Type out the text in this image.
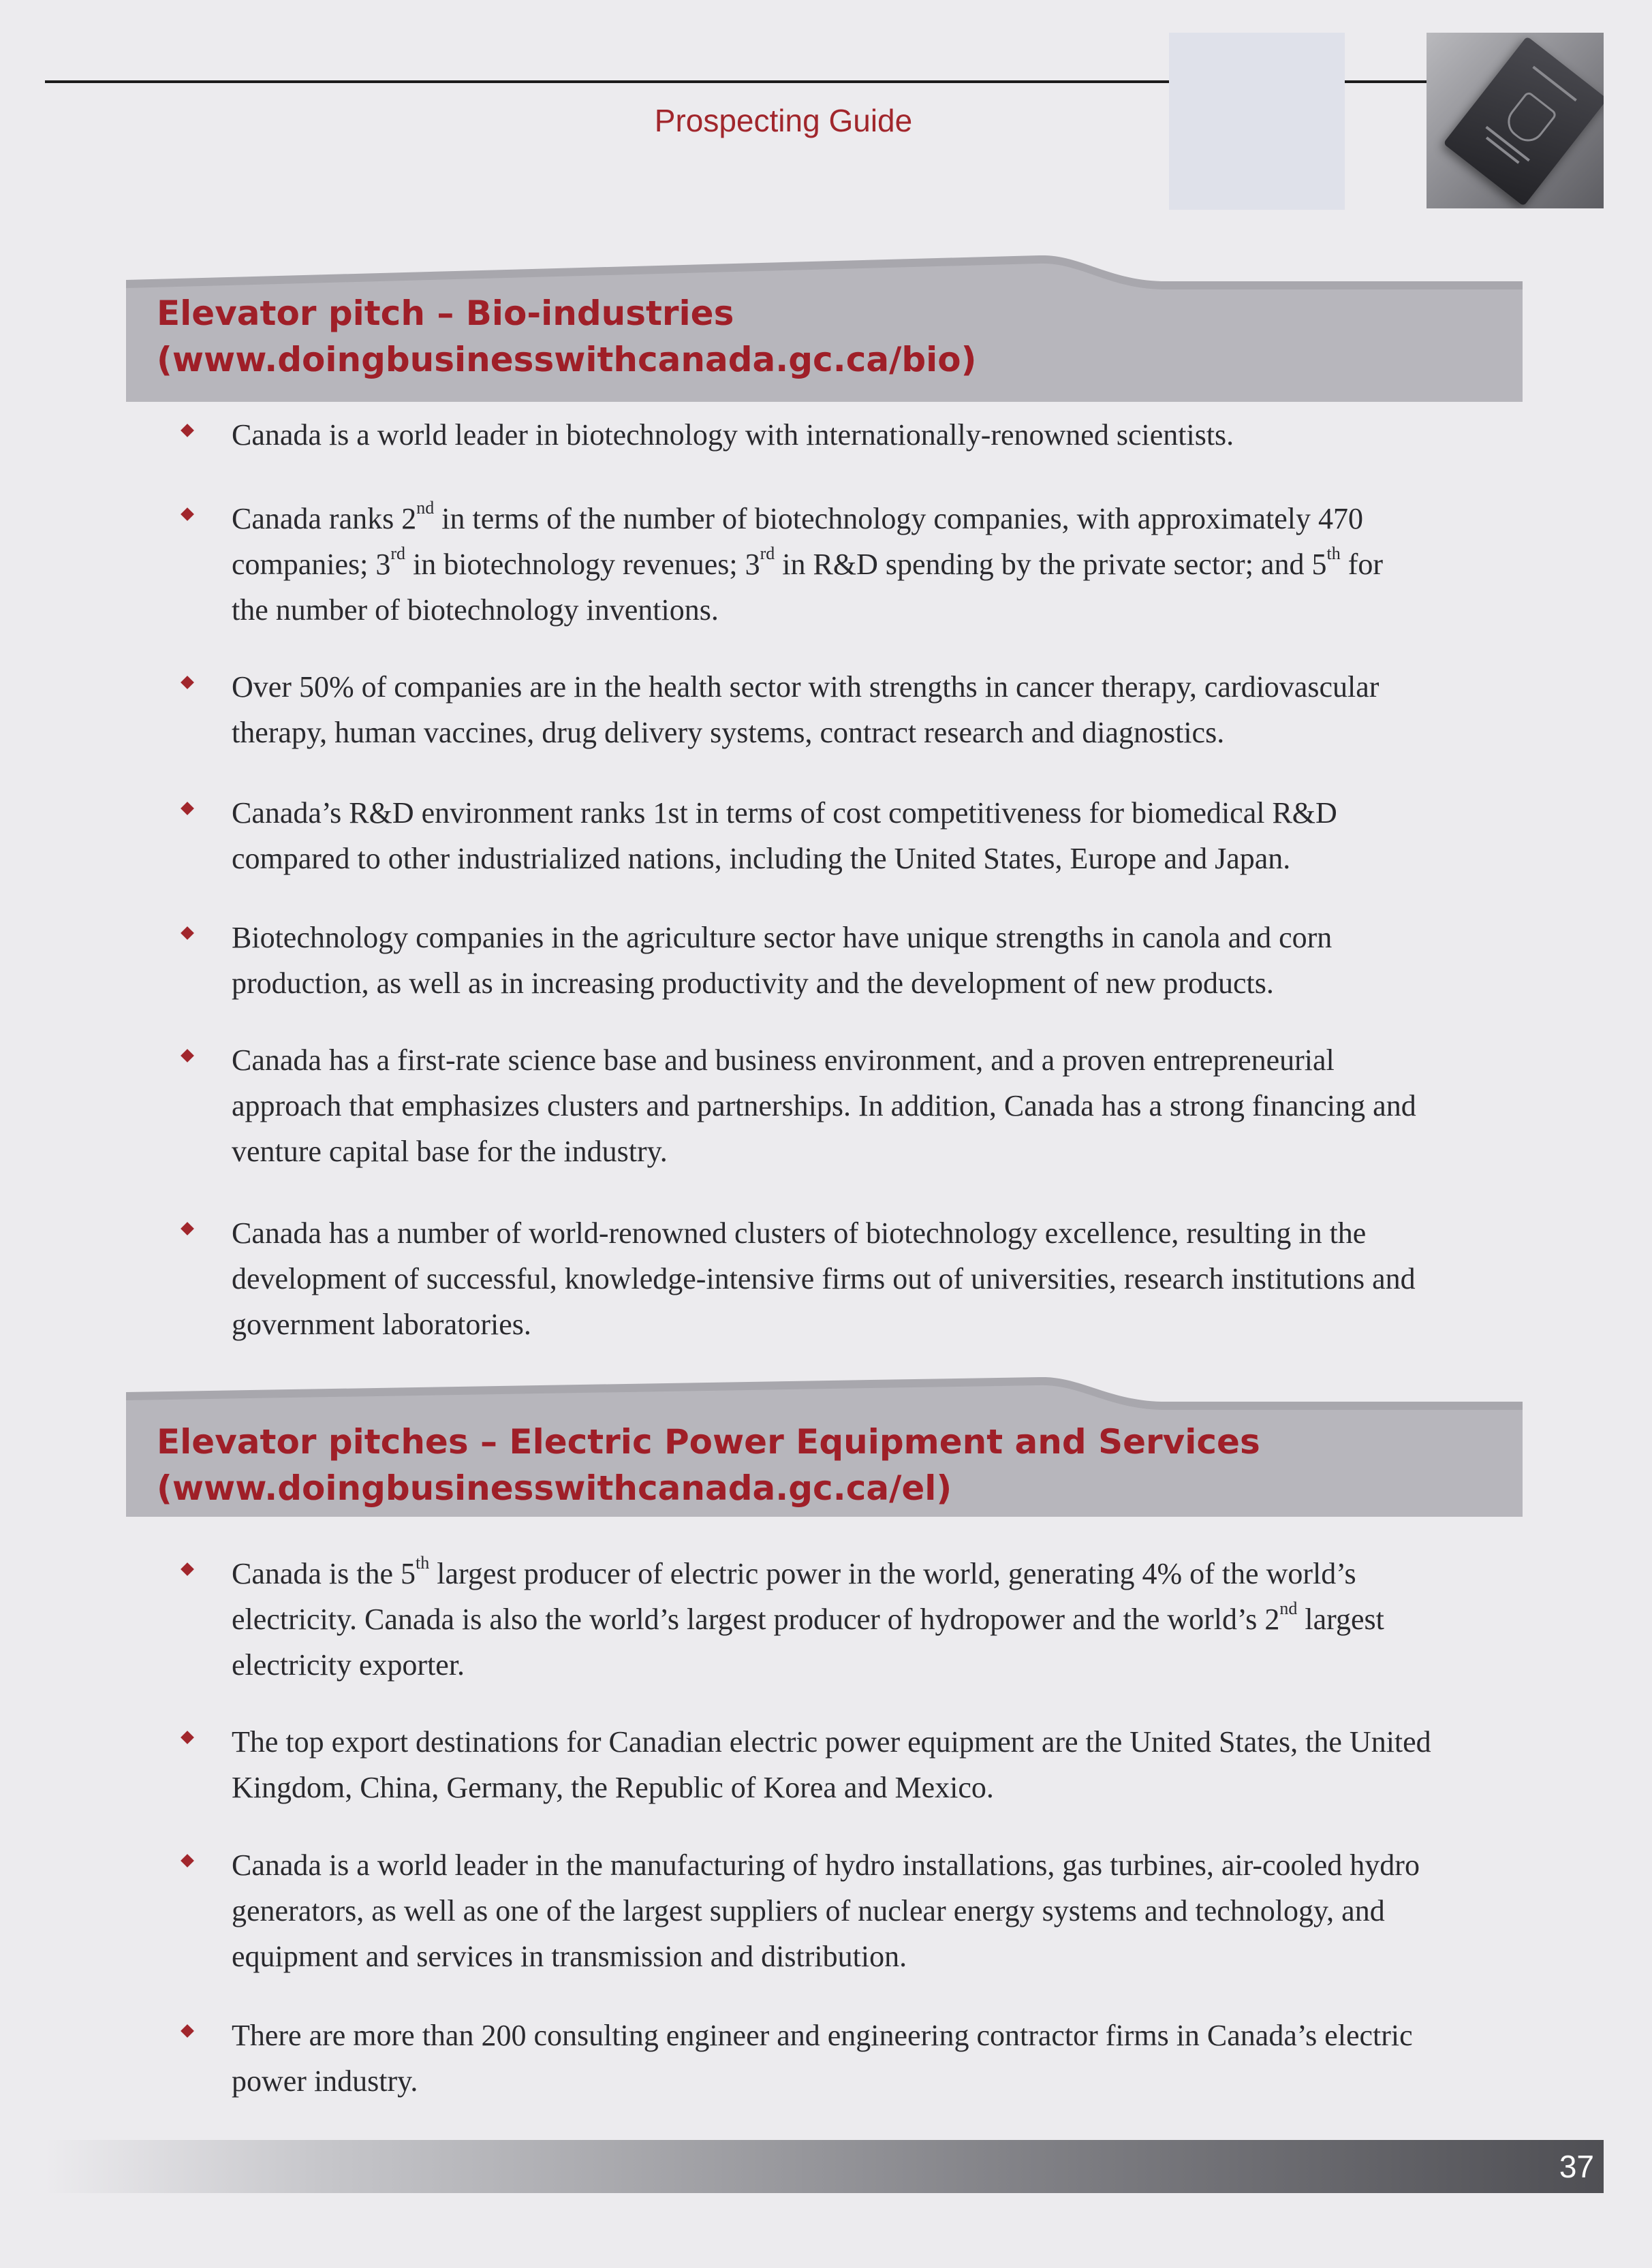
Prospecting Guide
Elevator pitch – Bio-industries
(www.doingbusinesswithcanada.gc.ca/bio)
Canada is a world leader in biotechnology with internationally-renowned scientists.
Canada ranks 2nd in terms of the number of biotechnology companies, with approximately 470
companies; 3rd in biotechnology revenues; 3rd in R&D spending by the private sector; and 5th for
the number of biotechnology inventions.
Over 50% of companies are in the health sector with strengths in cancer therapy, cardiovascular
therapy, human vaccines, drug delivery systems, contract research and diagnostics.
Canada’s R&D environment ranks 1st in terms of cost competitiveness for biomedical R&D
compared to other industrialized nations, including the United States, Europe and Japan.
Biotechnology companies in the agriculture sector have unique strengths in canola and corn
production, as well as in increasing productivity and the development of new products.
Canada has a first-rate science base and business environment, and a proven entrepreneurial
approach that emphasizes clusters and partnerships. In addition, Canada has a strong financing and
venture capital base for the industry.
Canada has a number of world-renowned clusters of biotechnology excellence, resulting in the
development of successful, knowledge-intensive firms out of universities, research institutions and
government laboratories.
Elevator pitches – Electric Power Equipment and Services
(www.doingbusinesswithcanada.gc.ca/el)
Canada is the 5th largest producer of electric power in the world, generating 4% of the world’s
electricity. Canada is also the world’s largest producer of hydropower and the world’s 2nd largest
electricity exporter.
The top export destinations for Canadian electric power equipment are the United States, the United
Kingdom, China, Germany, the Republic of Korea and Mexico.
Canada is a world leader in the manufacturing of hydro installations, gas turbines, air-cooled hydro
generators, as well as one of the largest suppliers of nuclear energy systems and technology, and
equipment and services in transmission and distribution.
There are more than 200 consulting engineer and engineering contractor firms in Canada’s electric
power industry.
37
